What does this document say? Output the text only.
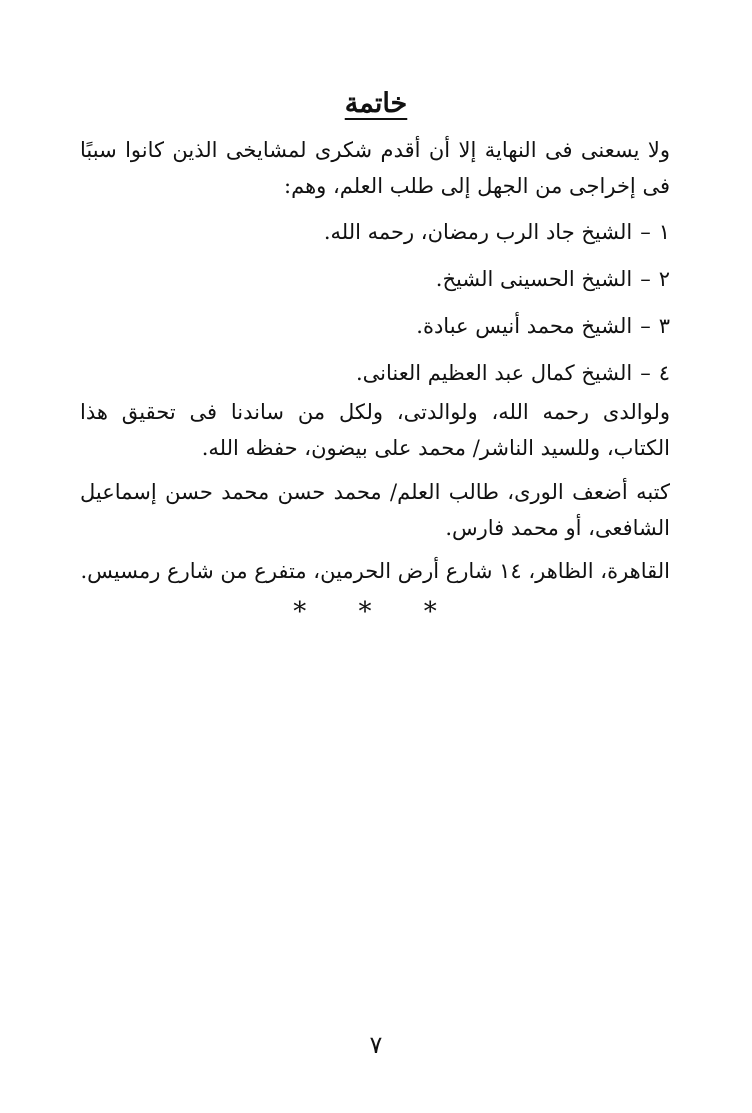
خاتمة

ولا يسعنى فى النهاية إلا أن أقدم شكرى لمشايخى الذين كانوا سببًا فى إخراجى من الجهل إلى طلب العلم، وهم:

١–الشيخ جاد الرب رمضان، رحمه الله.
٢–الشيخ الحسينى الشيخ.
٣–الشيخ محمد أنيس عبادة.
٤–الشيخ كمال عبد العظيم العنانى.

ولوالدى رحمه الله، ولوالدتى، ولكل من ساندنا فى تحقيق هذا الكتاب، وللسيد الناشر/ محمد على بيضون، حفظه الله.

كتبه أضعف الورى، طالب العلم/ محمد حسن محمد حسن إسماعيل الشافعى، أو محمد فارس.

القاهرة، الظاهر، ١٤ شارع أرض الحرمين، متفرع من شارع رمسيس.

* * *
٧
